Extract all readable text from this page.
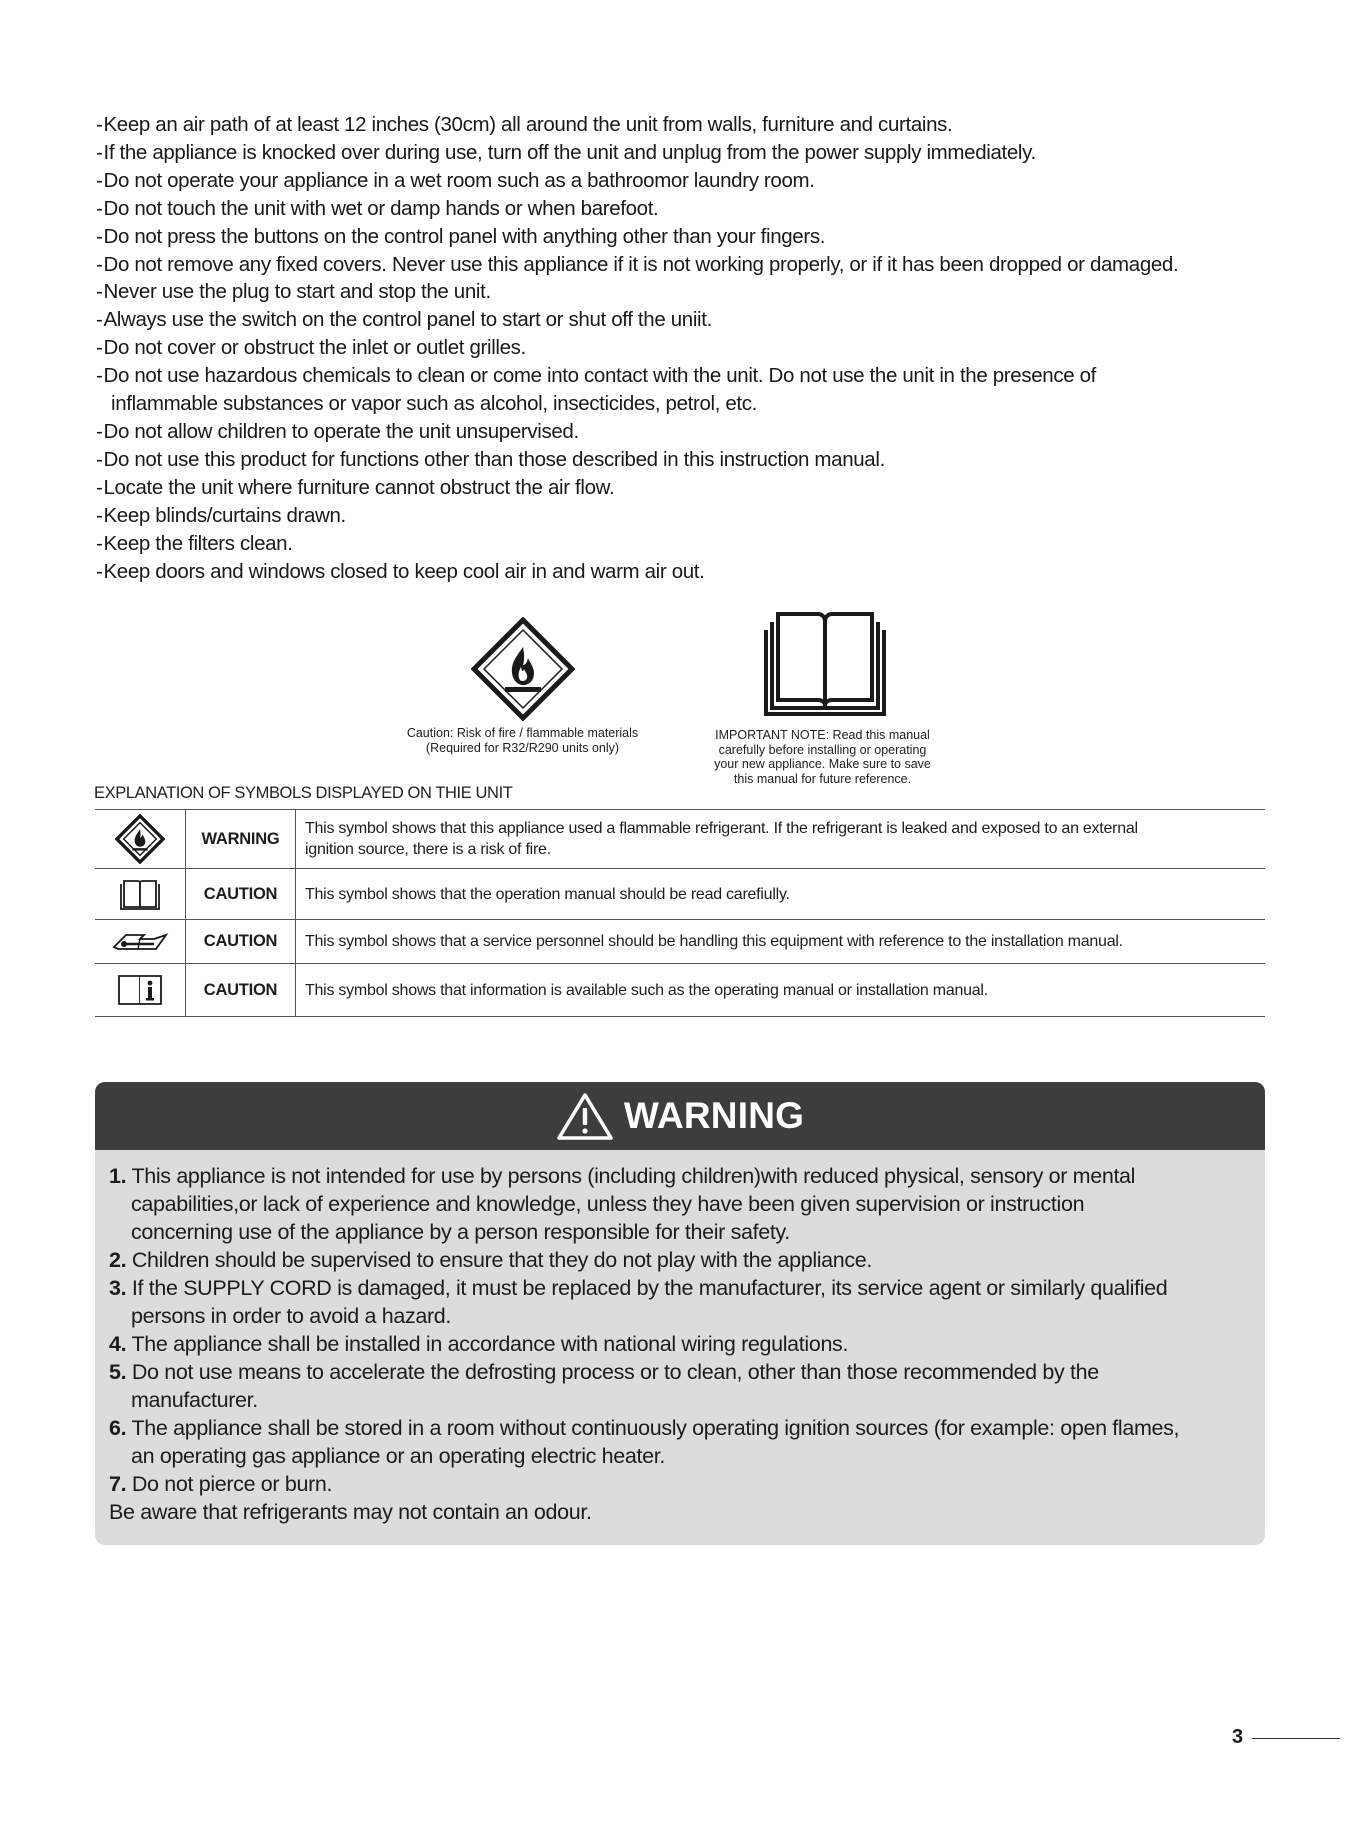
-Keep an air path of at least 12 inches (30cm) all around the unit from walls, furniture and curtains.
-If the appliance is knocked over during use, turn off the unit and unplug from the power supply immediately.
-Do not operate your appliance in a wet room such as a bathroomor laundry room.
-Do not touch the unit with wet or damp hands or when barefoot.
-Do not press the buttons on the control panel with anything other than your fingers.
-Do not remove any fixed covers. Never use this appliance if it is not working properly, or if it has been dropped or damaged.
-Never use the plug to start and stop the unit.
-Always use the switch on the control panel to start or shut off the uniit.
-Do not cover or obstruct the inlet or outlet grilles.
-Do not use hazardous chemicals to clean or come into contact with the unit. Do not use the unit in the presence of
inflammable substances or vapor such as alcohol, insecticides, petrol, etc.
-Do not allow children to operate the unit unsupervised.
-Do not use this product for functions other than those described in this instruction manual.
-Locate the unit where furniture cannot obstruct the air flow.
-Keep blinds/curtains drawn.
-Keep the filters clean.
-Keep doors and windows closed to keep cool air in and warm air out.
Caution: Risk of fire / flammable materials
(Required for R32/R290 units only)
IMPORTANT NOTE: Read this manual
carefully before installing or operating
your new appliance. Make sure to save
this manual for future reference.
EXPLANATION OF SYMBOLS DISPLAYED ON THIE UNIT
	WARNING	This symbol shows that this appliance used a flammable refrigerant. If the refrigerant is leaked and exposed to an external
ignition source, there is a risk of fire.

	CAUTION	This symbol shows that the operation manual should be read carefiully.

	CAUTION	This symbol shows that a service personnel should be handling this equipment with reference to the installation manual.

	CAUTION	This symbol shows that information is available such as the operating manual or installation manual.
WARNING
1. This appliance is not intended for use by persons (including children)with reduced physical, sensory or mental
capabilities,or lack of experience and knowledge, unless they have been given supervision or instruction
concerning use of the appliance by a person responsible for their safety.
2. Children should be supervised to ensure that they do not play with the appliance.
3. If the SUPPLY CORD is damaged, it must be replaced by the manufacturer, its service agent or similarly qualified
persons in order to avoid a hazard.
4. The appliance shall be installed in accordance with national wiring regulations.
5. Do not use means to accelerate the defrosting process or to clean, other than those recommended by the
manufacturer.
6. The appliance shall be stored in a room without continuously operating ignition sources (for example: open flames,
an operating gas appliance or an operating electric heater.
7. Do not pierce or burn.
Be aware that refrigerants may not contain an odour.
3
